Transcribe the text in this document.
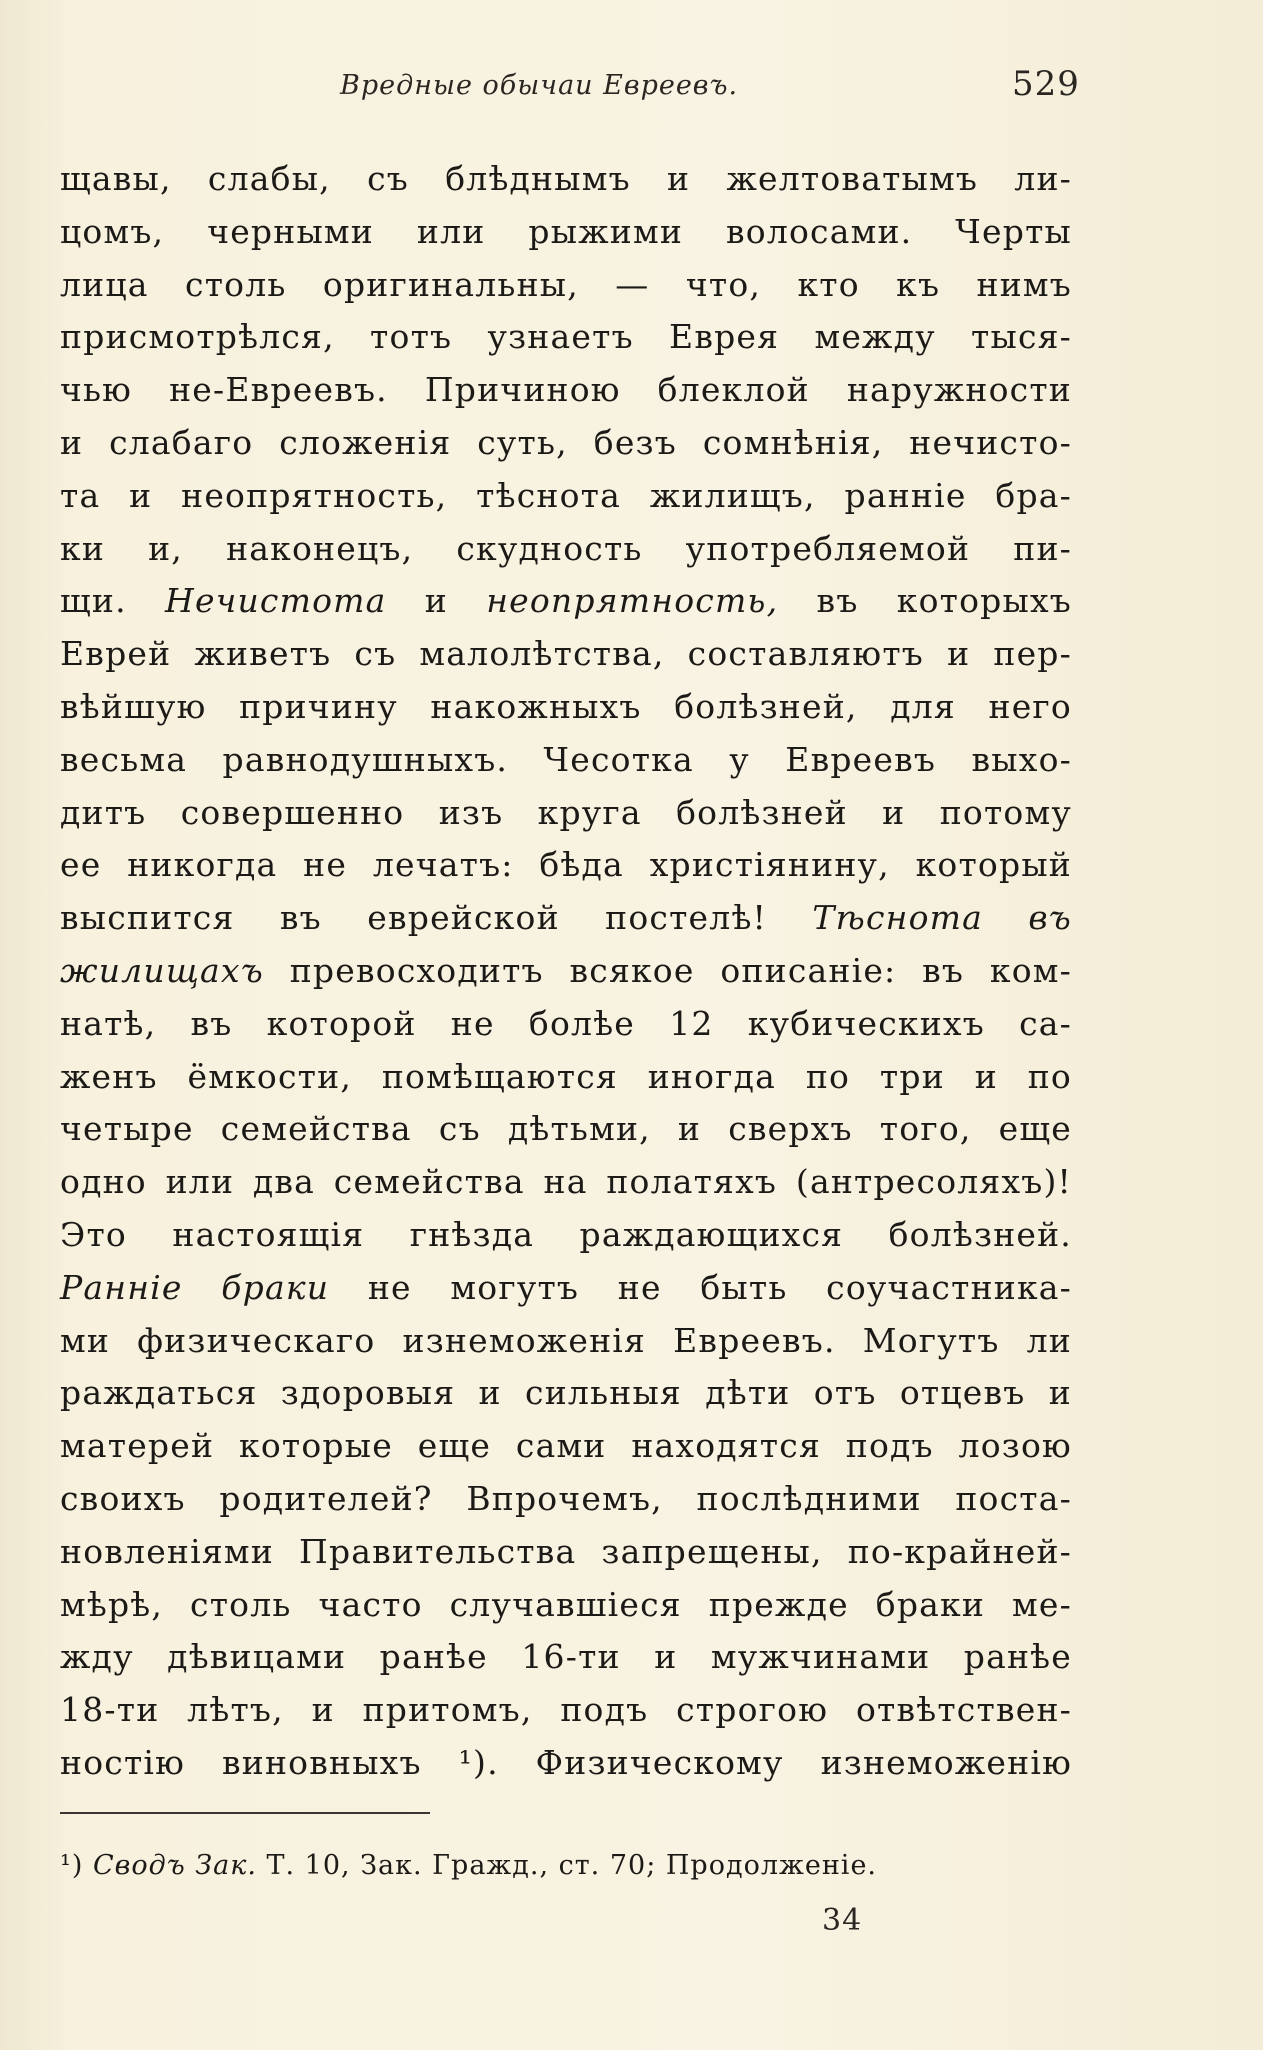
Вредные обычаи Евреевъ.	529
щавы, слабы, съ блѣднымъ и желтоватымъ ли-
цомъ, черными или рыжими волосами. Черты
лица столь оригинальны, — что, кто къ нимъ
присмотрѣлся, тотъ узнаетъ Еврея между тыся-
чью не-Евреевъ. Причиною блеклой наружности
и слабаго сложенія суть, безъ сомнѣнія, нечисто-
та и неопрятность, тѣснота жилищъ, ранніе бра-
ки и, наконецъ, скудность употребляемой пи-
щи. Нечистота и неопрятность, въ которыхъ
Еврей живетъ съ малолѣтства, составляютъ и пер-
вѣйшую причину накожныхъ болѣзней, для него
весьма равнодушныхъ. Чесотка у Евреевъ выхо-
дитъ совершенно изъ круга болѣзней и потому
ее никогда не лечатъ: бѣда христіянину, который
выспится въ еврейской постелѣ! Тѣснота въ
жилищахъ превосходитъ всякое описаніе: въ ком-
натѣ, въ которой не болѣе 12 кубическихъ са-
женъ ёмкости, помѣщаются иногда по три и по
четыре семейства съ дѣтьми, и сверхъ того, еще
одно или два семейства на полатяхъ (антресоляхъ)!
Это настоящія гнѣзда раждающихся болѣзней.
Ранніе браки не могутъ не быть соучастника-
ми физическаго изнеможенія Евреевъ. Могутъ ли
раждаться здоровыя и сильныя дѣти отъ отцевъ и
матерей которые еще сами находятся подъ лозою
своихъ родителей? Впрочемъ, послѣдними поста-
новленіями Правительства запрещены, по-крайней-
мѣрѣ, столь часто случавшіеся прежде браки ме-
жду дѣвицами ранѣе 16-ти и мужчинами ранѣе
18-ти лѣтъ, и притомъ, подъ строгою отвѣтствен-
ностію виновныхъ ¹). Физическому изнеможенію
¹) Сводъ Зак. Т. 10, Зак. Гражд., ст. 70; Продолженіе.
34
